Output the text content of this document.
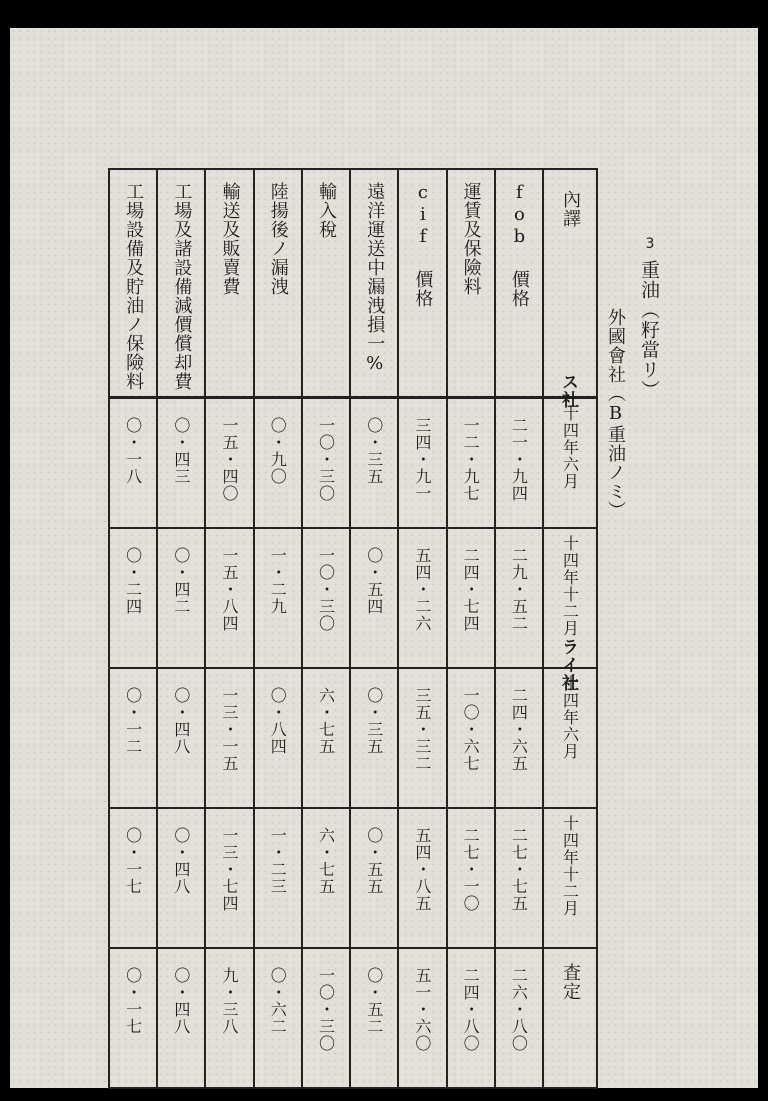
3
重油（籽當リ）
外國會社（B重油ノミ）
工場設備及貯油ノ保險料	工場及諸設備減價償却費	輸送及販賣費	陸揚後ノ漏洩	輸入稅	遠洋運送中漏洩損一%	cif 價格	運賃及保險料	fob 價格	內譯
〇・一八	〇・四三	一五・四〇	〇・九〇	一〇・三〇	〇・三五	三四・九一	一二・九七	二一・九四	十四年六月
〇・二四	〇・四二	一五・八四	一・二九	一〇・三〇	〇・五四	五四・二六	二四・七四	二九・五二	十四年十二月
〇・一二	〇・四八	一三・一五	〇・八四	六・七五	〇・三五	三五・三二	一〇・六七	二四・六五	十四年六月
〇・一七	〇・四八	一三・七四	一・二三	六・七五	〇・五五	五四・八五	二七・一〇	二七・七五	十四年十二月
〇・一七	〇・四八	九・三八	〇・六二	一〇・三〇	〇・五二	五一・六〇	二四・八〇	二六・八〇	査定
ス社
ライ社
